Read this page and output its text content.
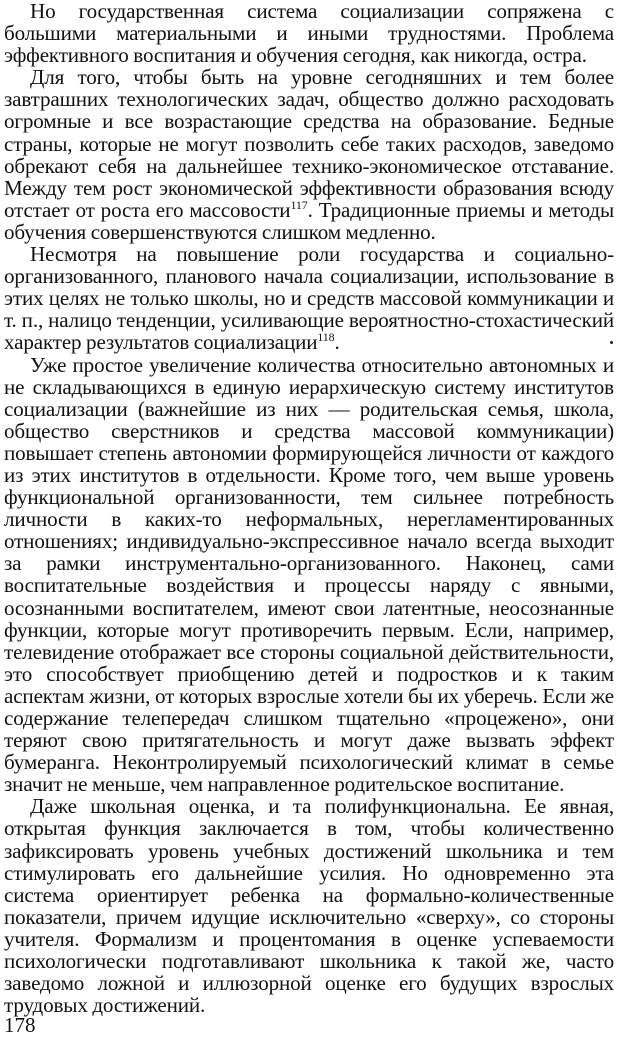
Но государственная система социализации сопряжена с большими материальными и иными трудностями. Проблема эффективного воспитания и обучения сегодня, как никогда, остра.

Для того, чтобы быть на уровне сегодняшних и тем более завтрашних технологических задач, общество должно расходовать огромные и все возрастающие средства на образование. Бедные страны, которые не могут позволить себе таких расходов, заведомо обрекают себя на дальнейшее технико-экономическое отставание. Между тем рост экономической эффективности образования всюду отстает от роста его массовости$^{117}$. Традиционные приемы и методы обучения совершенствуются слишком медленно.

Несмотря на повышение роли государства и социально-организованного, планового начала социализации, использование в этих целях не только школы, но и средств массовой коммуникации и т. п., налицо тенденции, усиливающие вероятностно-стохастический характер результатов социализации$^{118}$.

Уже простое увеличение количества относительно автономных и не складывающихся в единую иерархическую систему институтов социализации (важнейшие из них — родительская семья, школа, общество сверстников и средства массовой коммуникации) повышает степень автономии формирующейся личности от каждого из этих институтов в отдельности. Кроме того, чем выше уровень функциональной организованности, тем сильнее потребность личности в каких-то неформальных, нерегламентированных отношениях; индивидуально-экспрессивное начало всегда выходит за рамки инструментально-организованного. Наконец, сами воспитательные воздействия и процессы наряду с явными, осознанными воспитателем, имеют свои латентные, неосознанные функции, которые могут противоречить первым. Если, например, телевидение отображает все стороны социальной действительности, это способствует приобщению детей и подростков и к таким аспектам жизни, от которых взрослые хотели бы их уберечь. Если же содержание телепередач слишком тщательно «процежено», они теряют свою притягательность и могут даже вызвать эффект бумеранга. Неконтролируемый психологический климат в семье значит не меньше, чем направленное родительское воспитание.

Даже школьная оценка, и та полифункциональна. Ее явная, открытая функция заключается в том, чтобы количественно зафиксировать уровень учебных достижений школьника и тем стимулировать его дальнейшие усилия. Но одновременно эта система ориентирует ребенка на формально-количественные показатели, причем идущие исключительно «сверху», со стороны учителя. Формализм и процентомания в оценке успеваемости психологически подготавливают школьника к такой же, часто заведомо ложной и иллюзорной оценке его будущих взрослых трудовых достижений.

178
